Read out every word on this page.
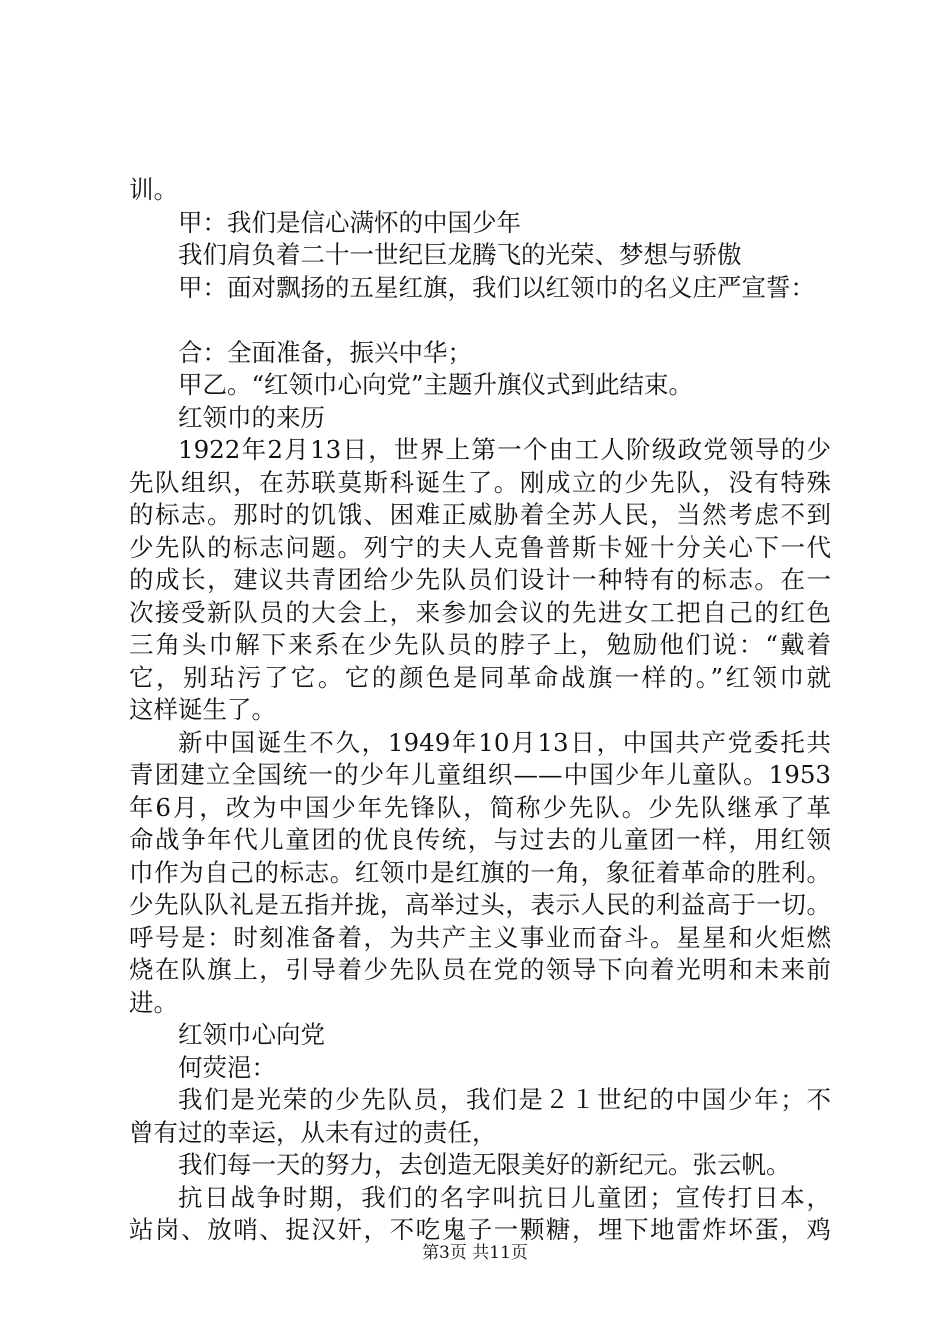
训。
甲：我们是信心满怀的中国少年
我们肩负着二十一世纪巨龙腾飞的光荣、梦想与骄傲
甲：面对飘扬的五星红旗，我们以红领巾的名义庄严宣誓：
合：全面准备，振兴中华；
甲乙。“红领巾心向党”主题升旗仪式到此结束。
红领巾的来历
1922年2月13日，世界上第一个由工人阶级政党领导的少
先队组织，在苏联莫斯科诞生了。刚成立的少先队，没有特殊
的标志。那时的饥饿、困难正威胁着全苏人民，当然考虑不到
少先队的标志问题。列宁的夫人克鲁普斯卡娅十分关心下一代
的成长，建议共青团给少先队员们设计一种特有的标志。在一
次接受新队员的大会上，来参加会议的先进女工把自己的红色
三角头巾解下来系在少先队员的脖子上，勉励他们说：“戴着
它，别玷污了它。它的颜色是同革命战旗一样的。”红领巾就
这样诞生了。
新中国诞生不久，1949年10月13日，中国共产党委托共
青团建立全国统一的少年儿童组织——中国少年儿童队。1953
年6月，改为中国少年先锋队，简称少先队。少先队继承了革
命战争年代儿童团的优良传统，与过去的儿童团一样，用红领
巾作为自己的标志。红领巾是红旗的一角，象征着革命的胜利。
少先队队礼是五指并拢，高举过头，表示人民的利益高于一切。
呼号是：时刻准备着，为共产主义事业而奋斗。星星和火炬燃
烧在队旗上，引导着少先队员在党的领导下向着光明和未来前
进。
红领巾心向党
何荧浥：
我们是光荣的少先队员，我们是２１世纪的中国少年；不
曾有过的幸运，从未有过的责任，
我们每一天的努力，去创造无限美好的新纪元。张云帆。
抗日战争时期，我们的名字叫抗日儿童团；宣传打日本，
站岗、放哨、捉汉奸，不吃鬼子一颗糖，埋下地雷炸坏蛋，鸡
第3页 共11页
